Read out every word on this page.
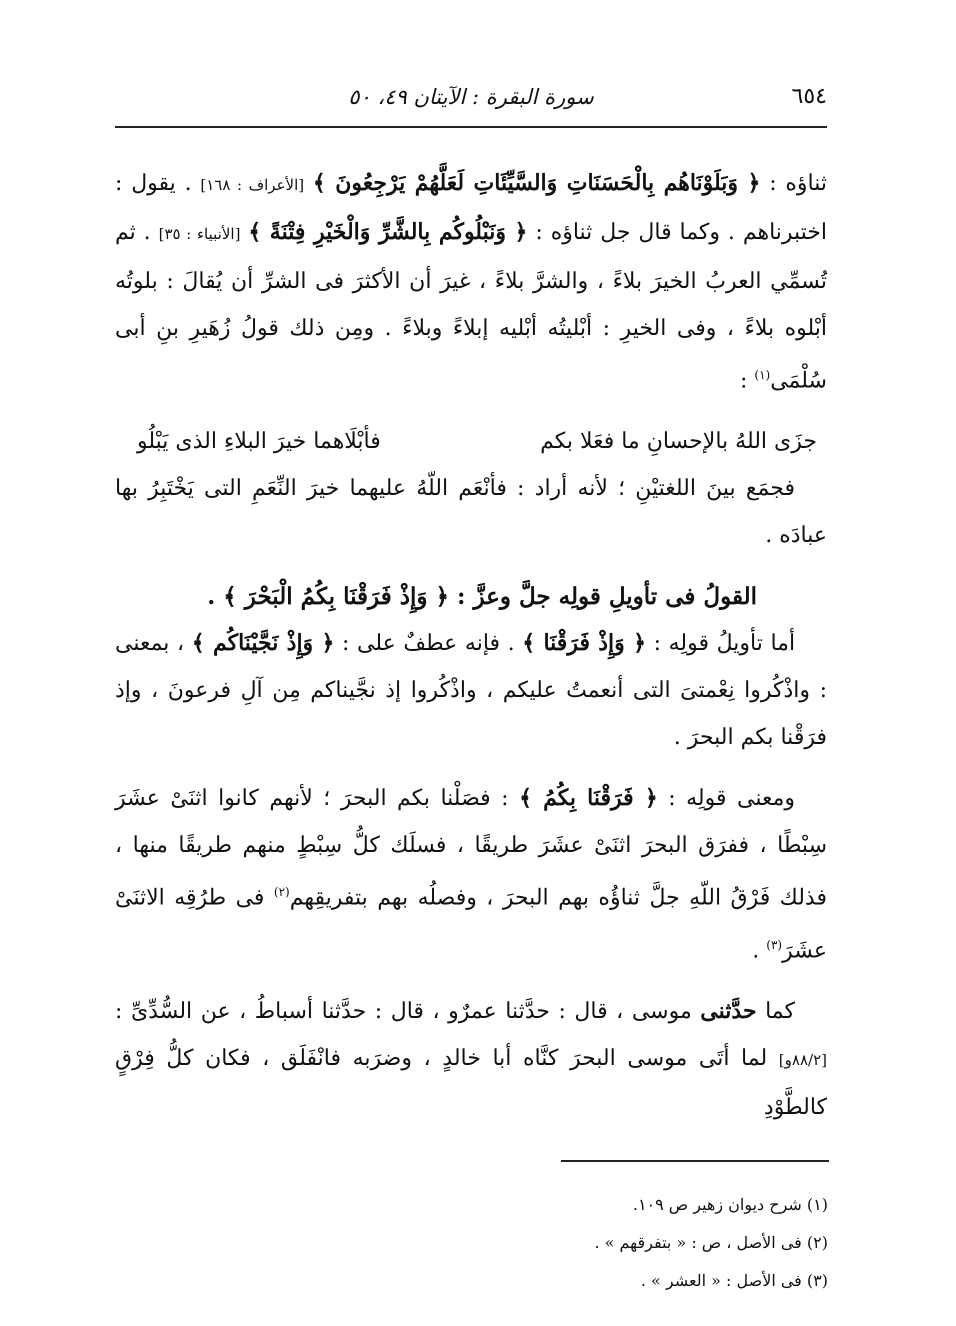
٦٥٤
سورة البقرة : الآيتان ٤٩، ٥٠

ثناؤه : ﴿ وَبَلَوْنَاهُم بِالْحَسَنَاتِ وَالسَّيِّئَاتِ لَعَلَّهُمْ يَرْجِعُونَ ﴾ [الأعراف : ١٦٨] . يقول : اختبرناهم . وكما قال جل ثناؤه : ﴿ وَنَبْلُوكُم بِالشَّرِّ وَالْخَيْرِ فِتْنَةً ﴾ [الأنبياء : ٣٥] . ثم تُسمِّي العربُ الخيرَ بلاءً ، والشرَّ بلاءً ، غيرَ أن الأكثرَ فى الشرِّ أن يُقالَ : بلوتُه أبْلوه بلاءً ، وفى الخيرِ : أبْليتُه أبْليه إبلاءً وبلاءً . ومِن ذلك قولُ زُهَيرِ بنِ أبى سُلْمَى$^{(١)}$ :

جزَى اللهُ بالإحسانِ ما فعَلا بكم
فأبْلَاهما خيرَ البلاءِ الذى يَبْلُو

فجمَع بينَ اللغتيْنِ ؛ لأنه أراد : فأنْعَم اللّهُ عليهما خيرَ النِّعَمِ التى يَخْتَبِرُ بها عبادَه .

القولُ فى تأويلِ قولِه جلَّ وعزَّ : ﴿ وَإِذْ فَرَقْنَا بِكُمُ الْبَحْرَ ﴾ .

أما تأويلُ قولِه : ﴿ وَإِذْ فَرَقْنَا ﴾ . فإنه عطفٌ على : ﴿ وَإِذْ نَجَّيْنَاكُم ﴾ ، بمعنى : واذْكُروا نِعْمتىَ التى أنعمتُ عليكم ، واذْكُروا إذ نجَّيناكم مِن آلِ فرعونَ ، وإذ فرَقْنا بكم البحرَ .

ومعنى قولِه : ﴿ فَرَقْنَا بِكُمُ ﴾ : فصَلْنا بكم البحرَ ؛ لأنهم كانوا اثنَىْ عشَرَ سِبْطًا ، ففرَق البحرَ اثنَىْ عشَرَ طريقًا ، فسلَك كلُّ سِبْطٍ منهم طريقًا منها ، فذلك فَرْقُ اللّهِ جلَّ ثناؤُه بهم البحرَ ، وفصلُه بهم بتفريقِهم$^{(٢)}$ فى طرُقِه الاثنَىْ عشَرَ$^{(٣)}$ .

كما حدَّثنى موسى ، قال : حدَّثنا عمرٌو ، قال : حدَّثنا أسباطُ ، عن السُّدِّىِّ : [٨٨/٢و] لما أتَى موسى البحرَ كنَّاه أبا خالدٍ ، وضرَبه فانْفَلَق ، فكان كلُّ فِرْقٍ كالطَّوْدِ

(١) شرح ديوان زهير ص ١٠٩.

(٢) فى الأصل ، ص : « بتفرقهم » .

(٣) فى الأصل : « العشر » .
